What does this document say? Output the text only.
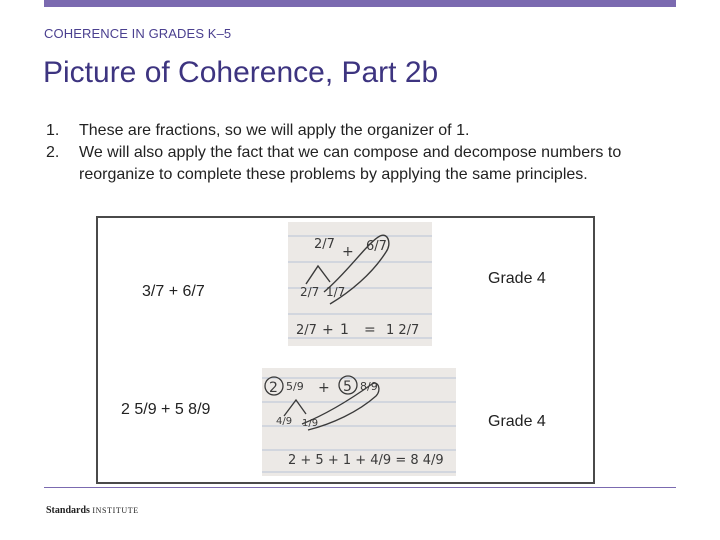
COHERENCE IN GRADES K–5
Picture of Coherence, Part 2b
1.	These are fractions, so we will apply the organizer of 1.
2.	We will also apply the fact that we can compose and decompose numbers to reorganize to complete these problems by applying the same principles.
3/7 + 6/7
2/7 + 6/7
2/7 1/7
2/7 + 1 = 1 2/7
Grade 4
2 5/9 + 5 8/9
2 5/9 + 5 8/9
4/9 1/9
2 + 5 + 1 + 4/9 = 8 4/9
Grade 4
Standards INSTITUTE
